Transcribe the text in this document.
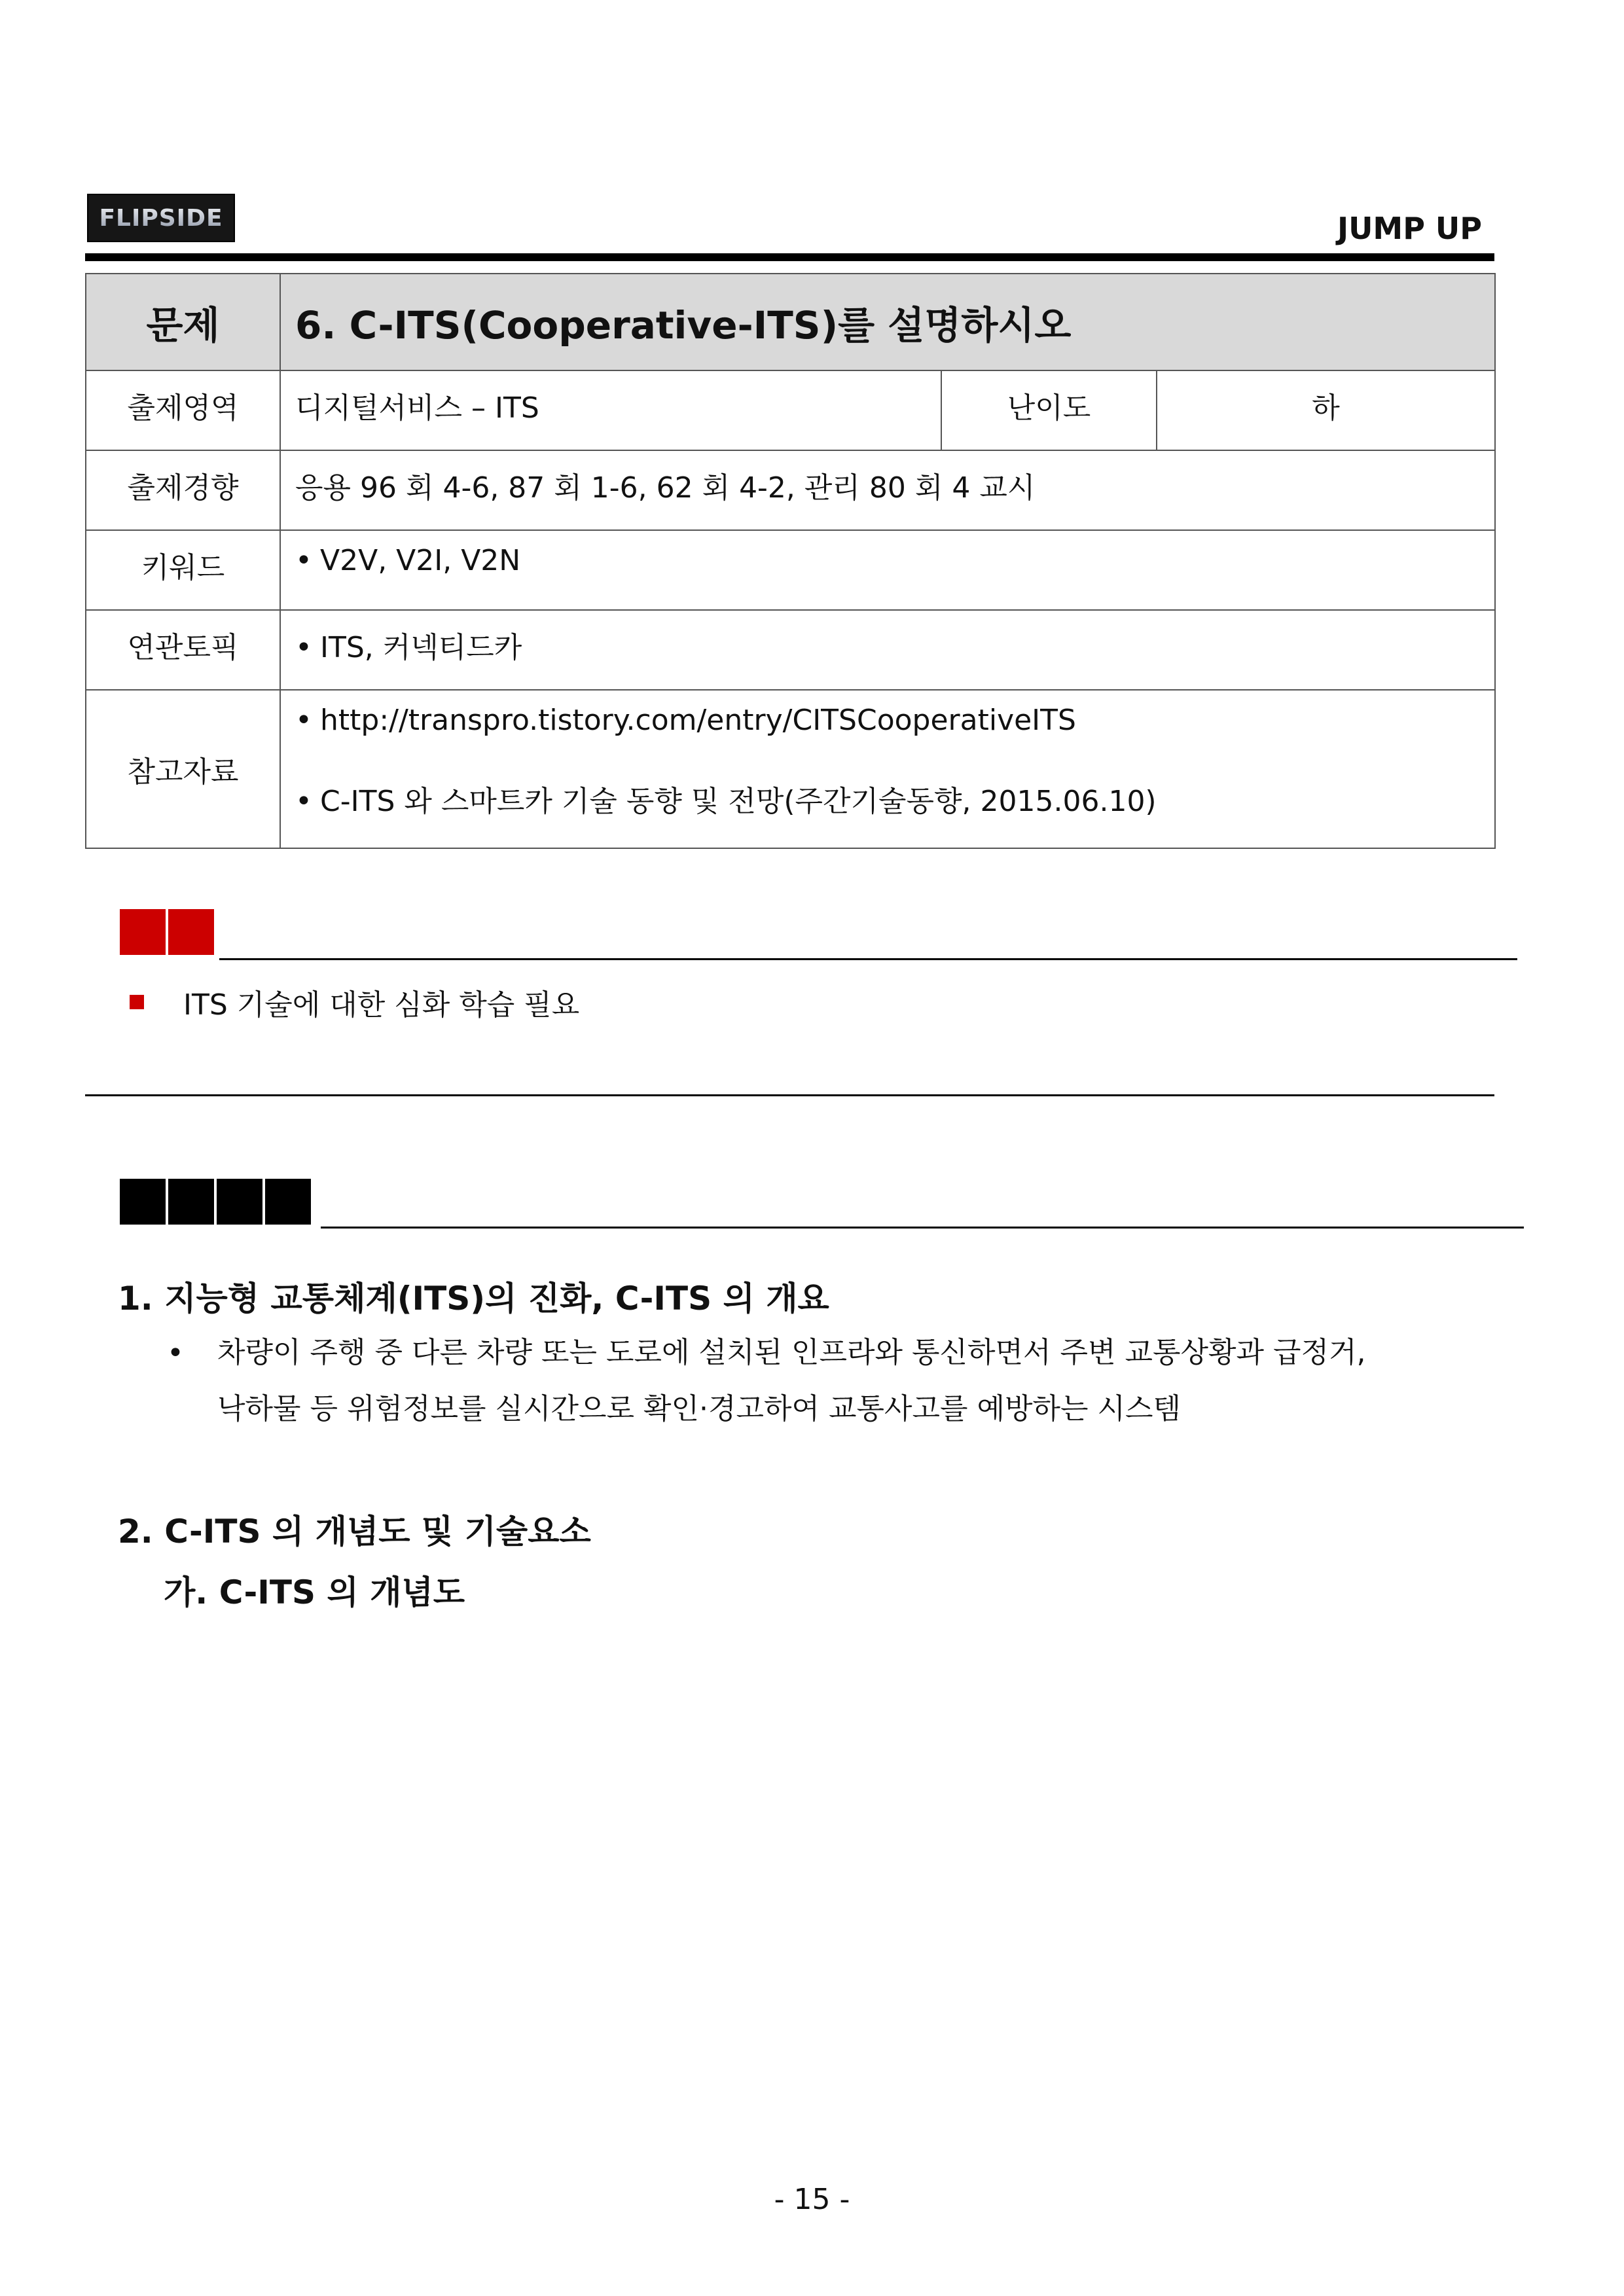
FLIPSIDE	JUMP UP
문제	6. C-ITS(Cooperative-ITS)를 설명하시오		
출제영역	디지털서비스 – ITS	난이도	하
출제경향	응용 96 회 4-6, 87 회 1-6, 62 회 4-2, 관리 80 회 4 교시		
키워드	• V2V, V2I, V2N		
연관토픽	• ITS, 커넥티드카		
참고자료	• http://transpro.tistory.com/entry/CITSCooperativeITS
• C-ITS 와 스마트카 기술 동향 및 전망(주간기술동향, 2015.06.10)		
ITS 기술에 대한 심화 학습 필요
1. 지능형 교통체계(ITS)의 진화, C-ITS 의 개요
• 차량이 주행 중 다른 차량 또는 도로에 설치된 인프라와 통신하면서 주변 교통상황과 급정거,
낙하물 등 위험정보를 실시간으로 확인·경고하여 교통사고를 예방하는 시스템
2. C-ITS 의 개념도 및 기술요소
가. C-ITS 의 개념도
- 15 -
